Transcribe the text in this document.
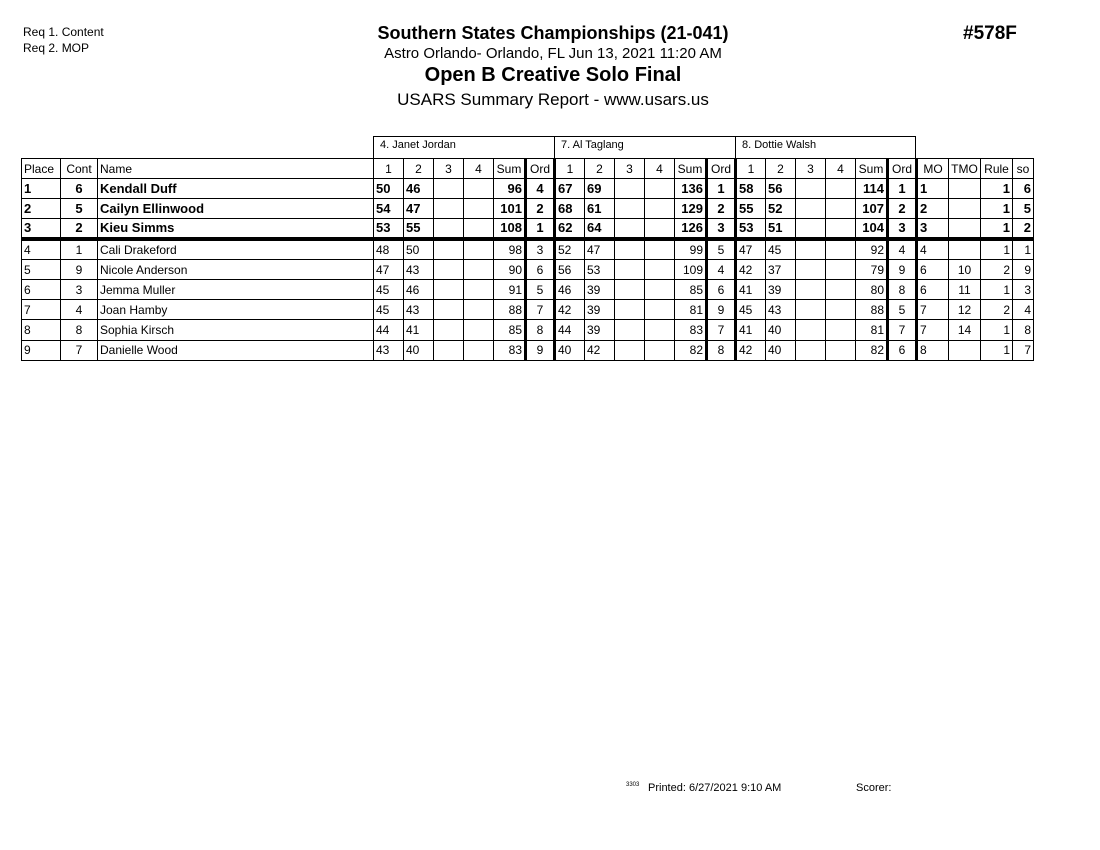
Req 1. Content
Req 2. MOP
Southern States Championships (21-041)
Astro Orlando- Orlando, FL Jun 13, 2021 11:20 AM
Open B Creative Solo Final
USARS Summary Report - www.usars.us
#578F
4. Janet Jordan	7. Al Taglang	8. Dottie Walsh
Place	Cont	Name	1	2	3	4	Sum	Ord	1	2	3	4	Sum	Ord	1	2	3	4	Sum	Ord	MO	TMO	Rule	so
1	6	Kendall Duff	50	46			96	4	67	69			136	1	58	56			114	1	1		1	6
2	5	Cailyn Ellinwood	54	47			101	2	68	61			129	2	55	52			107	2	2		1	5
3	2	Kieu Simms	53	55			108	1	62	64			126	3	53	51			104	3	3		1	2
4	1	Cali Drakeford	48	50			98	3	52	47			99	5	47	45			92	4	4		1	1
5	9	Nicole Anderson	47	43			90	6	56	53			109	4	42	37			79	9	6	10	2	9
6	3	Jemma Muller	45	46			91	5	46	39			85	6	41	39			80	8	6	11	1	3
7	4	Joan Hamby	45	43			88	7	42	39			81	9	45	43			88	5	7	12	2	4
8	8	Sophia Kirsch	44	41			85	8	44	39			83	7	41	40			81	7	7	14	1	8
9	7	Danielle Wood	43	40			83	9	40	42			82	8	42	40			82	6	8		1	7
3303 Printed: 6/27/2021 9:10 AM	Scorer:
